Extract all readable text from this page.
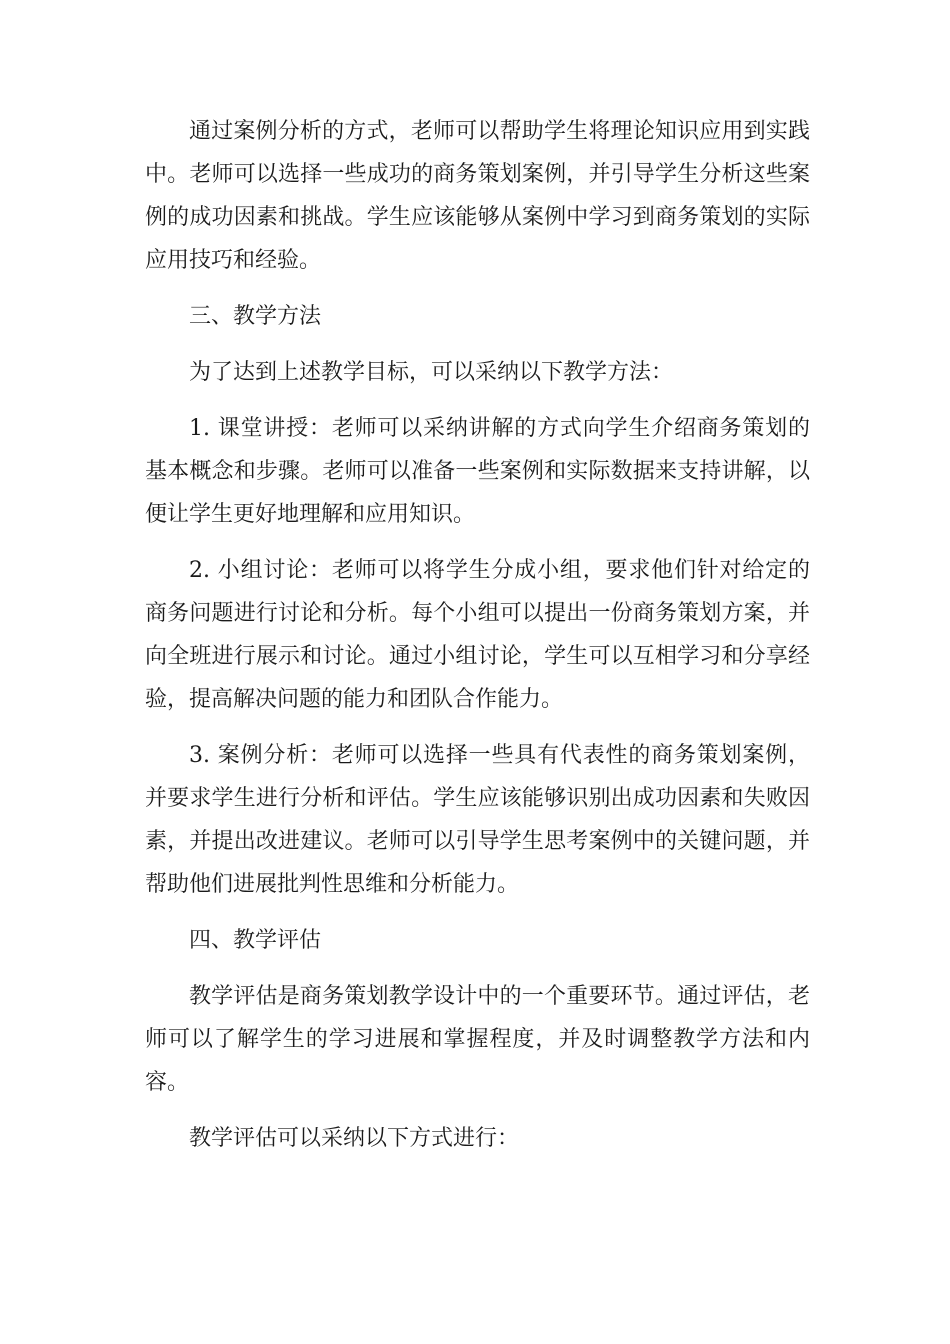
通过案例分析的方式，老师可以帮助学生将理论知识应用到实践中。老师可以选择一些成功的商务策划案例，并引导学生分析这些案例的成功因素和挑战。学生应该能够从案例中学习到商务策划的实际应用技巧和经验。

三、教学方法

为了达到上述教学目标，可以采纳以下教学方法：

1. 课堂讲授：老师可以采纳讲解的方式向学生介绍商务策划的基本概念和步骤。老师可以准备一些案例和实际数据来支持讲解，以便让学生更好地理解和应用知识。

2. 小组讨论：老师可以将学生分成小组，要求他们针对给定的商务问题进行讨论和分析。每个小组可以提出一份商务策划方案，并向全班进行展示和讨论。通过小组讨论，学生可以互相学习和分享经验，提高解决问题的能力和团队合作能力。

3. 案例分析：老师可以选择一些具有代表性的商务策划案例，并要求学生进行分析和评估。学生应该能够识别出成功因素和失败因素，并提出改进建议。老师可以引导学生思考案例中的关键问题，并帮助他们进展批判性思维和分析能力。

四、教学评估

教学评估是商务策划教学设计中的一个重要环节。通过评估，老师可以了解学生的学习进展和掌握程度，并及时调整教学方法和内容。

教学评估可以采纳以下方式进行：
